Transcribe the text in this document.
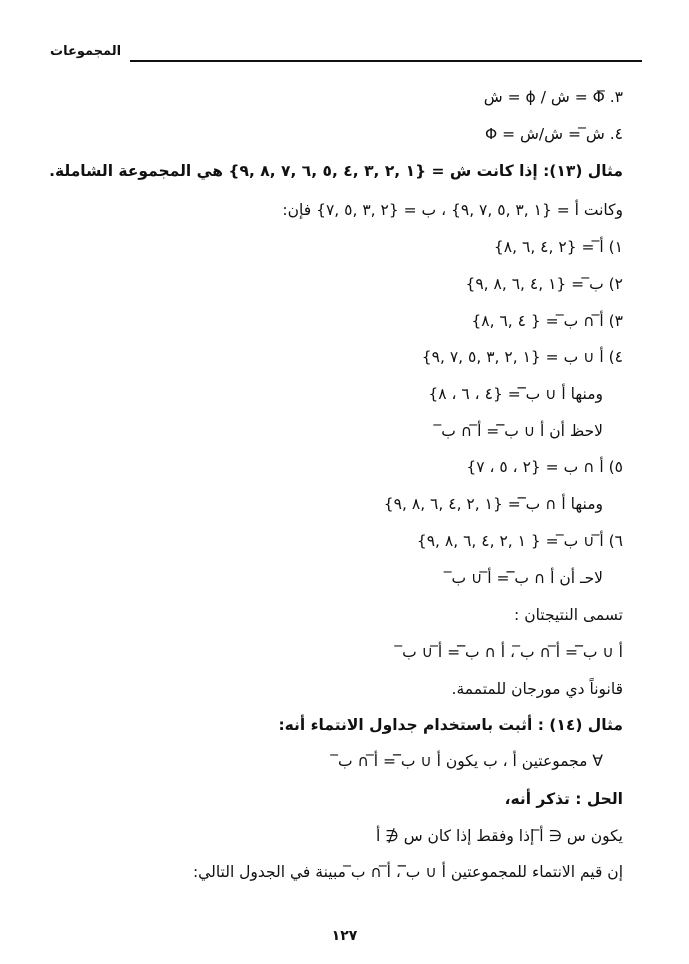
المجموعات
٣. Φ̅ = ش / ϕ = ش
٤. ش̅ = ش/ش = Φ
مثال (١٣): إذا كانت ش = {١ ,٢ ,٣ ,٤ ,٥ ,٦ ,٧ ,٨ ,٩} هي المجموعة الشاملة.
وكانت أ = {١ ,٣ ,٥ ,٧ ,٩} ، ب = {٢ ,٣ ,٥ ,٧} فإن:
١) أ̅ = {٢ ,٤ ,٦ ,٨}
٢) ب̅ = {١ ,٤ ,٦ ,٨ ,٩}
٣) أ̅ ∩ ب̅ = { ٤ ,٦ ,٨}
٤) أ ∪ ب = {١ ,٢ ,٣ ,٥ ,٧ ,٩}
ومنها أ ∪ ب̅̅̅̅̅ = {٤ ، ٦ ، ٨}
لاحظ أن أ ∪ ب̅̅̅̅̅ = أ̅ ∩ ب̅
٥) أ ∩ ب = {٢ ، ٥ ، ٧}
ومنها أ ∩ ب̅̅̅̅̅ = {١ ,٢ ,٤ ,٦ ,٨ ,٩}
٦) أ̅ ∪ ب̅ = { ١ ,٢ ,٤ ,٦ ,٨ ,٩}
لاحـ أن أ ∩ ب̅̅̅̅̅ = أ̅ ∪ ب̅
تسمى النتيجتان :
أ ∪ ب̅̅̅̅̅ = أ̅ ∩ ب̅ ، أ ∩ ب̅̅̅̅̅ = أ̅ ∪ ب̅
قانوناً دي مورجان للمتممة.
مثال (١٤) : أثبت باستخدام جداول الانتماء أنه:
∀ مجموعتين أ ، ب يكون أ ∪ ب̅̅̅̅̅ = أ̅ ∩ ب̅
الحل : تذكر أنه،
يكون س ∈ أ̅ إذا وفقط إذا كان س ∉ أ
إن قيم الانتماء للمجموعتين أ ∪ ب̅̅̅̅̅ ، أ̅ ∩ ب̅ مبينة في الجدول التالي:
١٢٧
